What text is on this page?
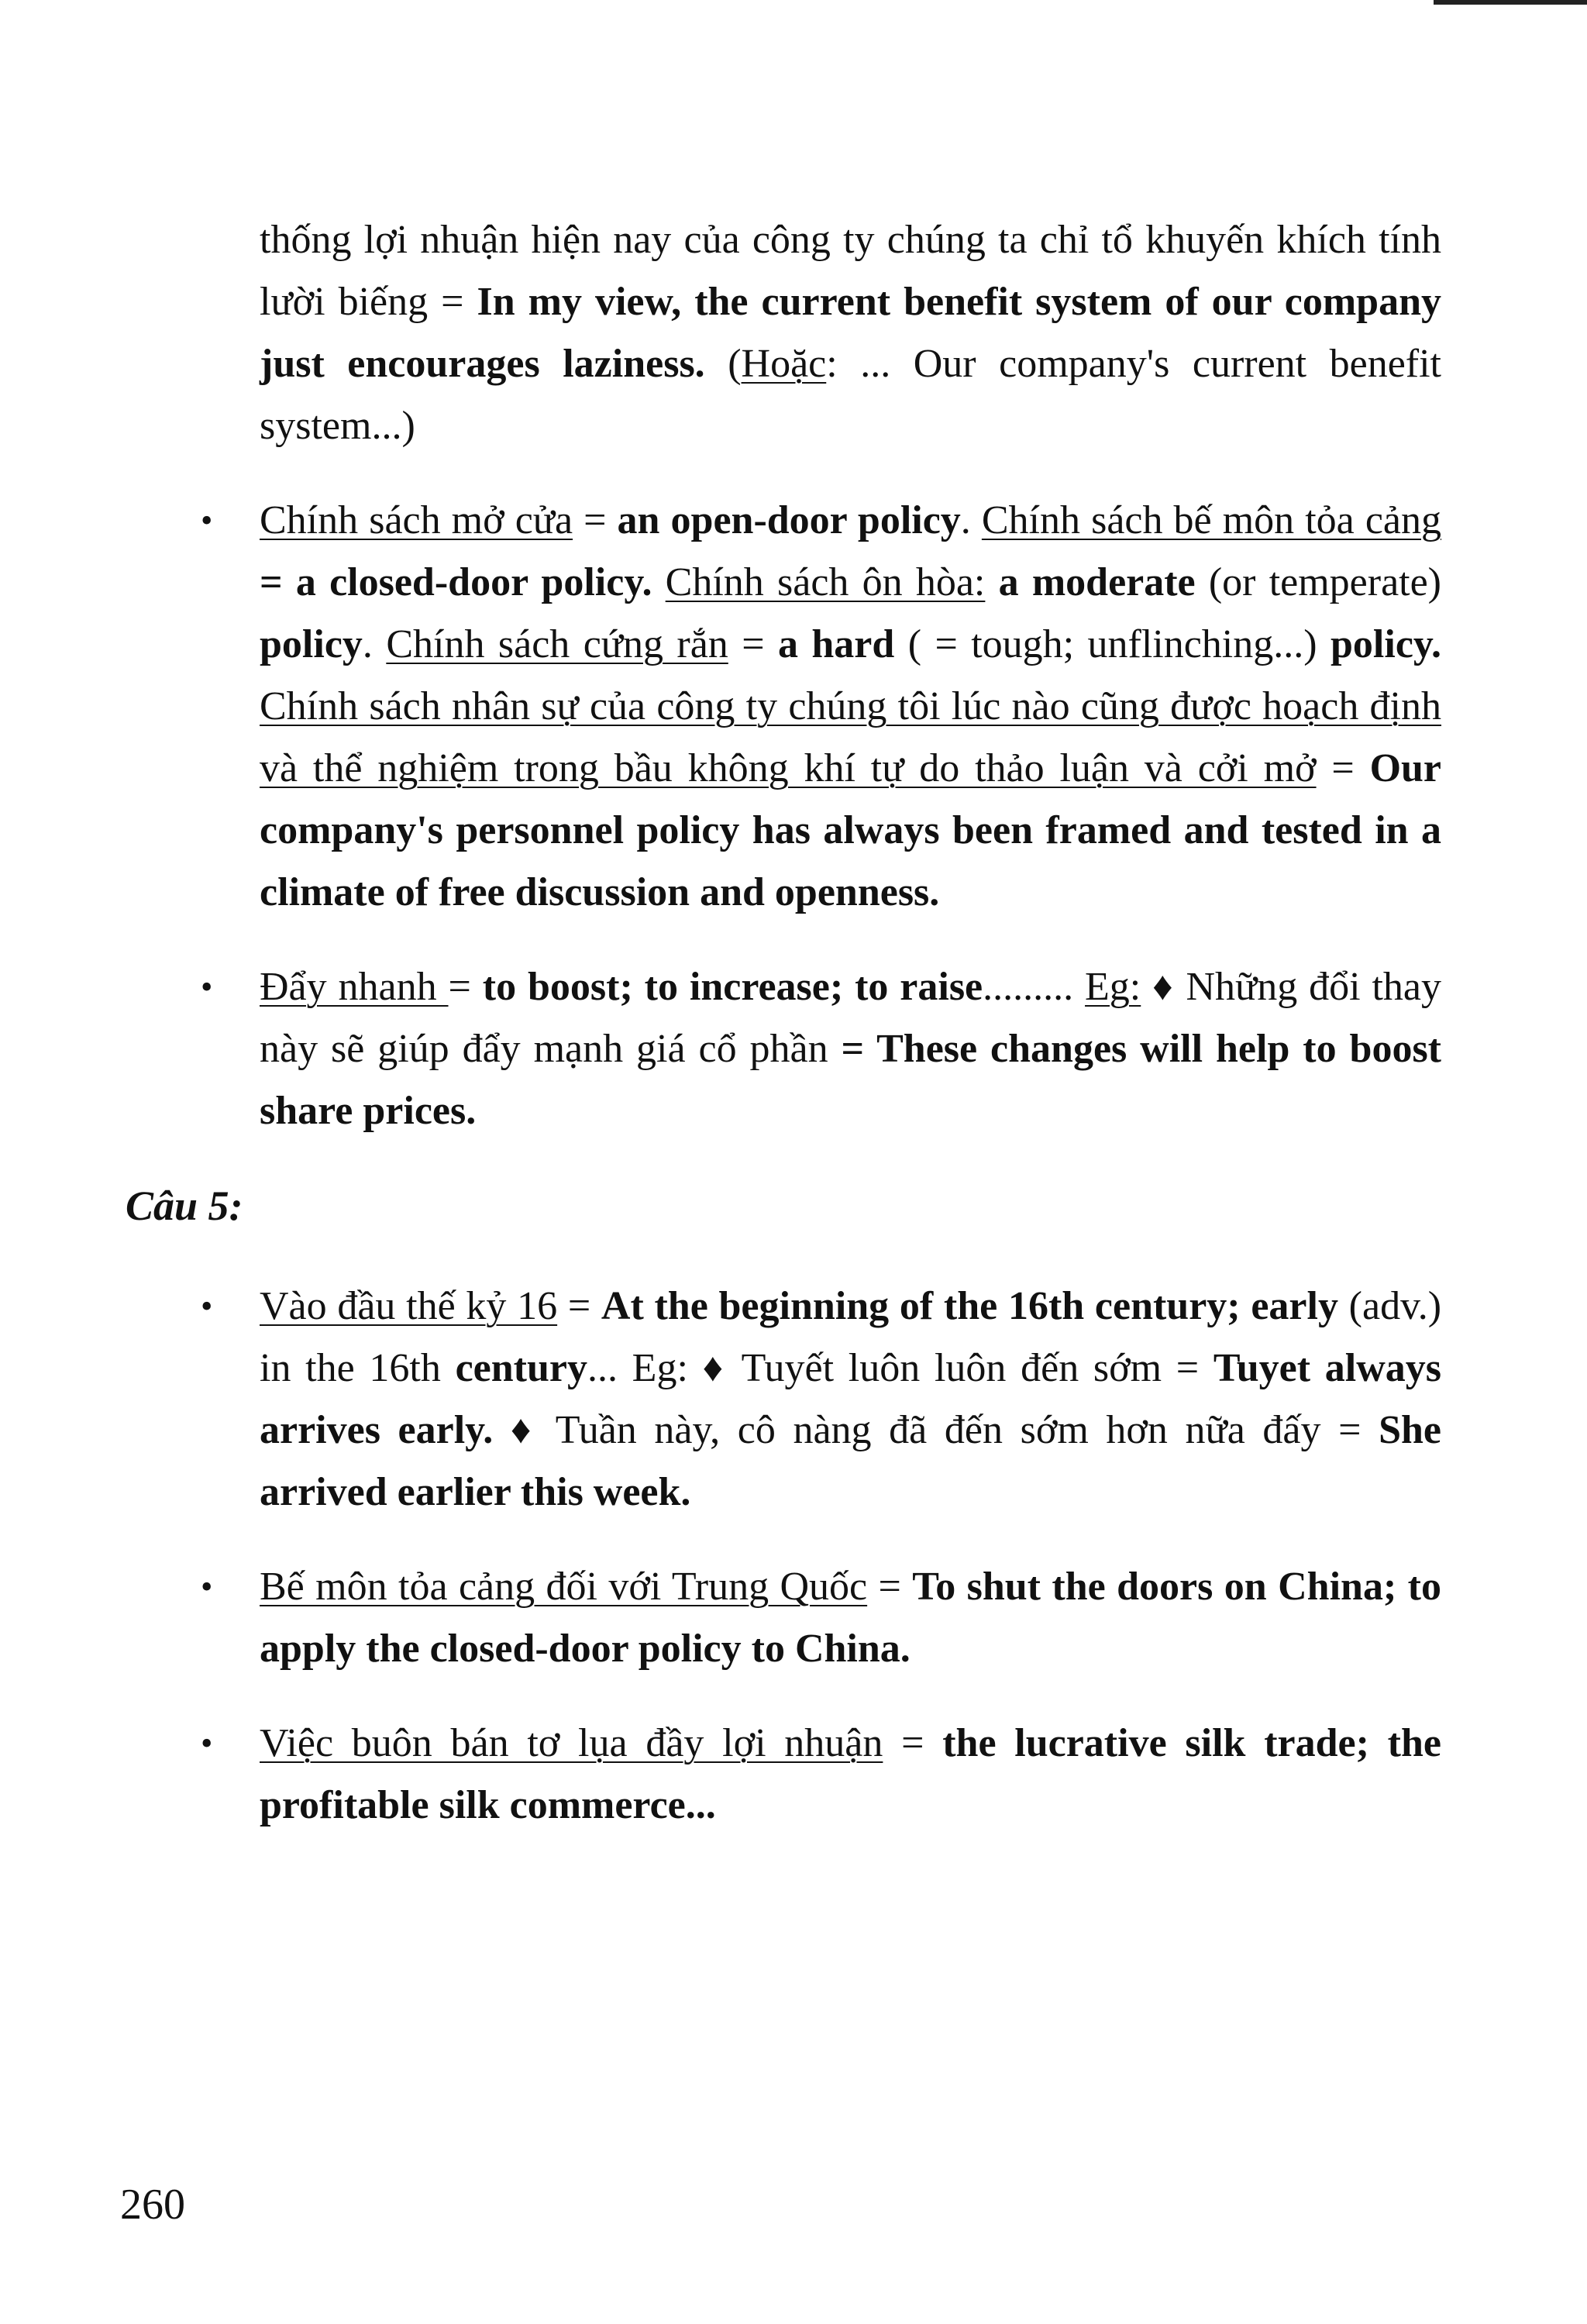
thống lợi nhuận hiện nay của công ty chúng ta chỉ tổ khuyến khích tính lười biếng = In my view, the current benefit system of our company just encourages laziness. (Hoặc: ... Our company's current benefit system...)
• Chính sách mở cửa = an open-door policy. Chính sách bế môn tỏa cảng = a closed-door policy. Chính sách ôn hòa: a moderate (or temperate) policy. Chính sách cứng rắn = a hard ( = tough; unflinching...) policy. Chính sách nhân sự của công ty chúng tôi lúc nào cũng được hoạch định và thể nghiệm trong bầu không khí tự do thảo luận và cởi mở = Our company's personnel policy has always been framed and tested in a climate of free discussion and openness.
• Đẩy nhanh = to boost; to increase; to raise......... Eg: ♦ Những đổi thay này sẽ giúp đẩy mạnh giá cổ phần = These changes will help to boost share prices.
Câu 5:
• Vào đầu thế kỷ 16 = At the beginning of the 16th century; early (adv.) in the 16th century... Eg: ♦ Tuyết luôn luôn đến sớm = Tuyet always arrives early. ♦ Tuần này, cô nàng đã đến sớm hơn nữa đấy = She arrived earlier this week.
• Bế môn tỏa cảng đối với Trung Quốc = To shut the doors on China; to apply the closed-door policy to China.
• Việc buôn bán tơ lụa đầy lợi nhuận = the lucrative silk trade; the profitable silk commerce...
260
